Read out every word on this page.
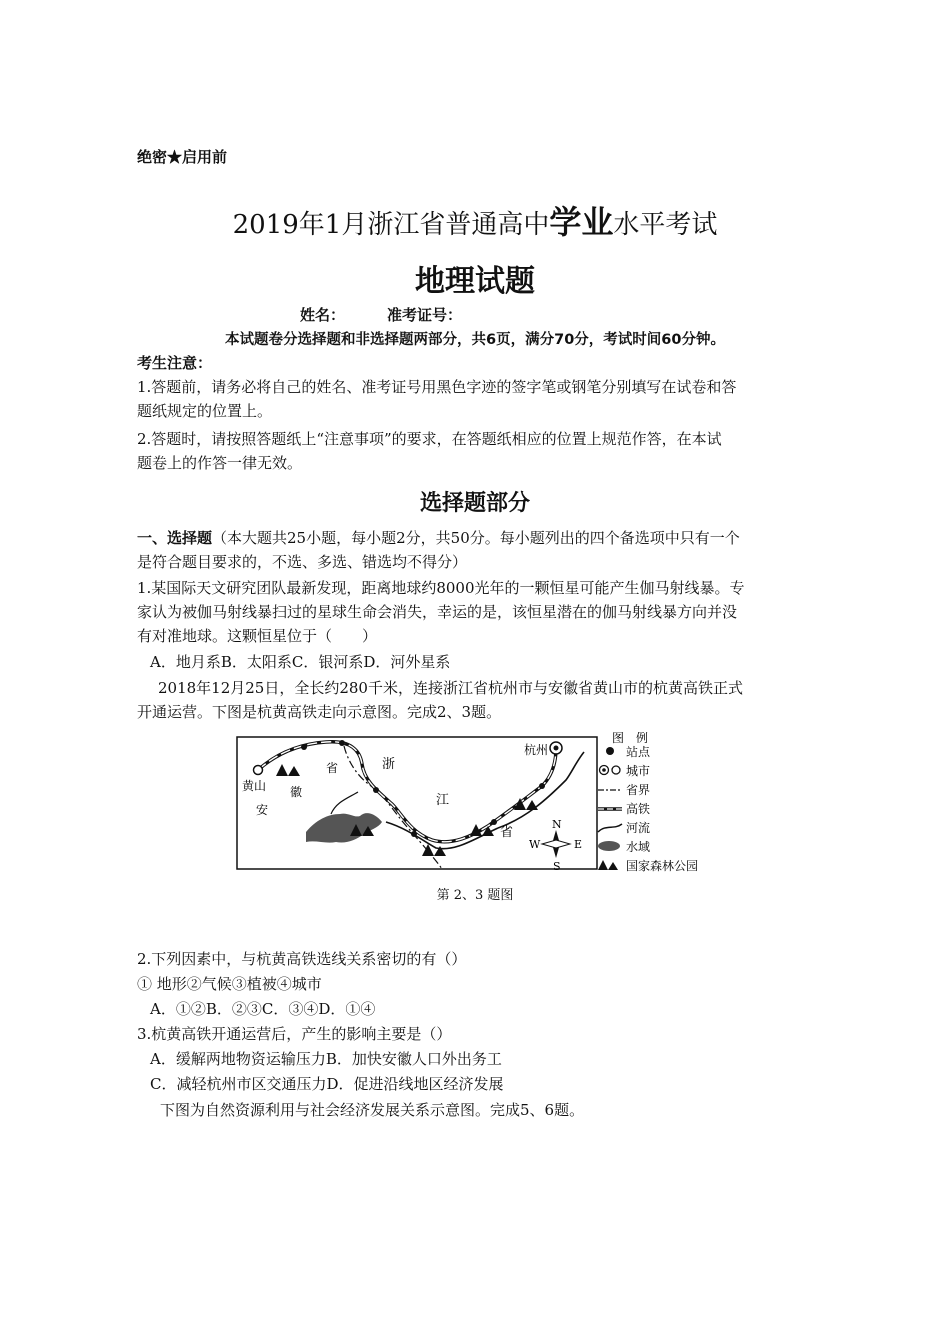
绝密★启用前
2019年1月浙江省普通高中学业水平考试
地理试题
姓名：	准考证号：
本试题卷分选择题和非选择题两部分，共6页，满分70分，考试时间60分钟。
考生注意：
1.答题前，请务必将自己的姓名、准考证号用黑色字迹的签字笔或钢笔分别填写在试卷和答
题纸规定的位置上。
2.答题时，请按照答题纸上“注意事项”的要求，在答题纸相应的位置上规范作答，在本试
题卷上的作答一律无效。
选择题部分
一、选择题（本大题共25小题，每小题2分，共50分。每小题列出的四个备选项中只有一个
是符合题目要求的，不选、多选、错选均不得分）
1.某国际天文研究团队最新发现，距离地球约8000光年的一颗恒星可能产生伽马射线暴。专
家认为被伽马射线暴扫过的星球生命会消失，幸运的是，该恒星潜在的伽马射线暴方向并没
有对准地球。这颗恒星位于（　　）
A．地月系B．太阳系C．银河系D．河外星系
2018年12月25日，全长约280千米，连接浙江省杭州市与安徽省黄山市的杭黄高铁正式
开通运营。下图是杭黄高铁走向示意图。完成2、3题。
黄山
杭州
安
徽
省	浙
江
省
N
S
W	E
图　例
站点
城市
省界
高铁
河流
水域
国家森林公园
第 2、3 题图
2.下列因素中，与杭黄高铁选线关系密切的有（）
① 地形②气候③植被④城市
A．①②B．②③C．③④D．①④
3.杭黄高铁开通运营后，产生的影响主要是（）
A．缓解两地物资运输压力B．加快安徽人口外出务工
C．减轻杭州市区交通压力D．促进沿线地区经济发展
下图为自然资源利用与社会经济发展关系示意图。完成5、6题。
